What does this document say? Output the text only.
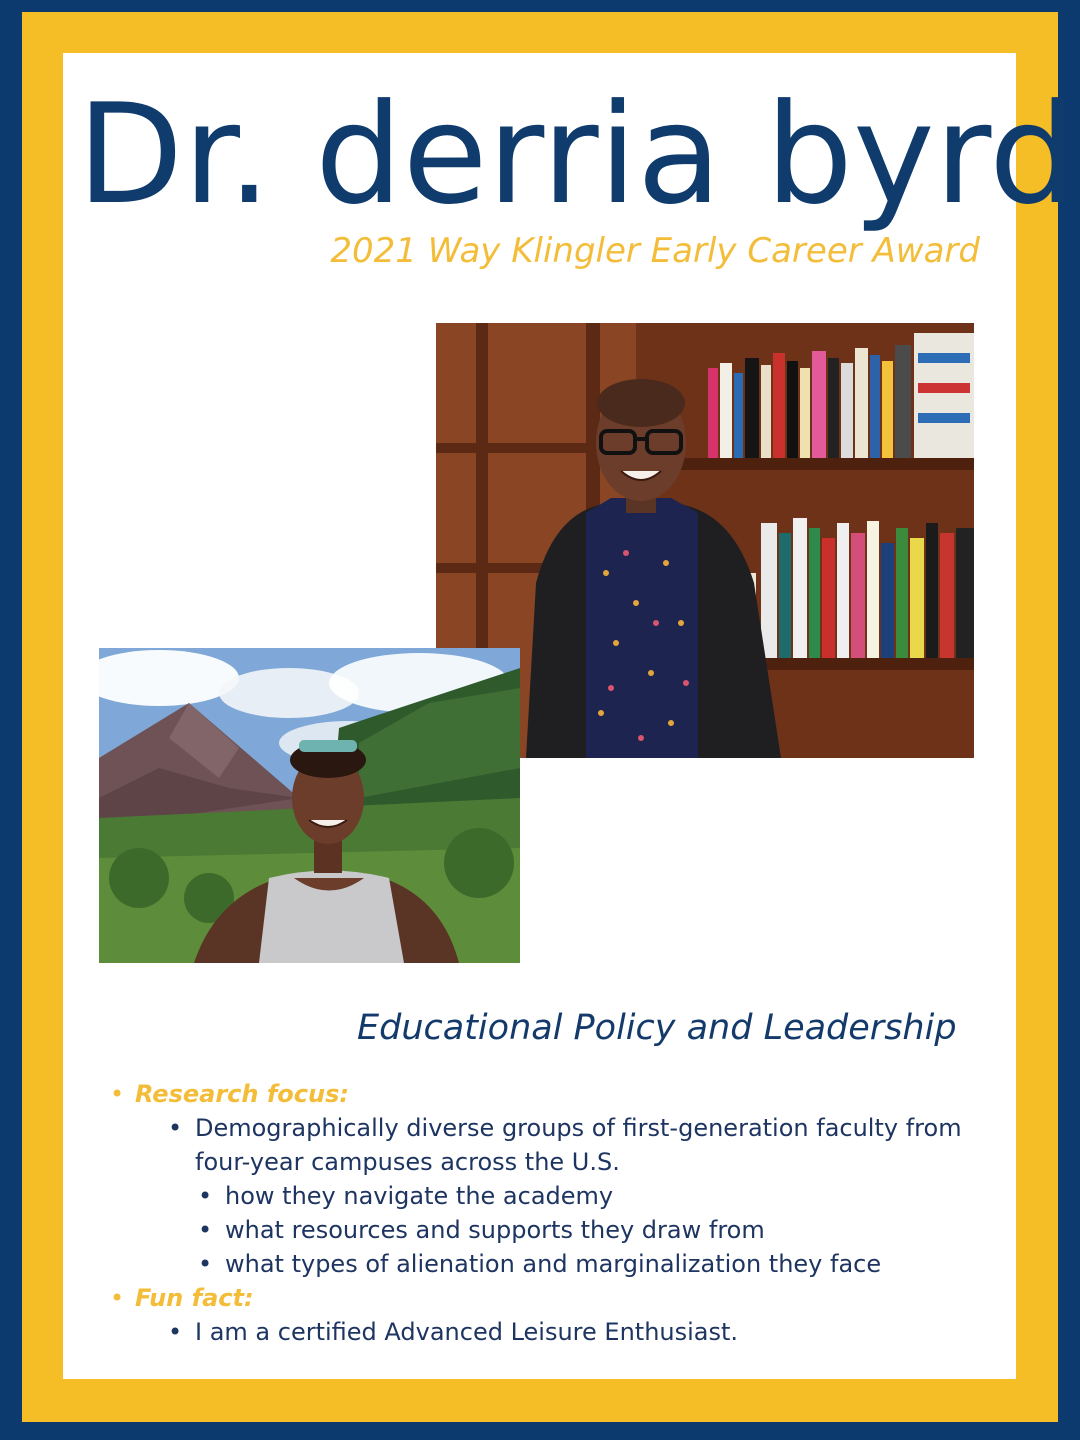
Dr. derria byrd
2021 Way Klingler Early Career Award
Educational Policy and Leadership
• Research focus:
• Demographically diverse groups of first-generation faculty from
four-year campuses across the U.S.
• how they navigate the academy
• what resources and supports they draw from
• what types of alienation and marginalization they face
• Fun fact:
• I am a certified Advanced Leisure Enthusiast.
